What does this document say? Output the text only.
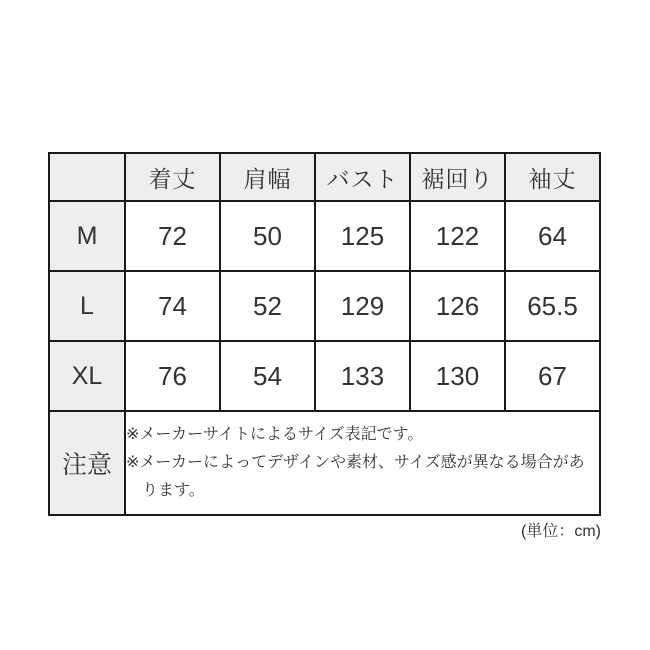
	着丈	肩幅	バスト	裾回り	袖丈
M	72	50	125	122	64
L	74	52	129	126	65.5
XL	76	54	133	130	67
注意	※メーカーサイトによるサイズ表記です。
※メーカーによってデザインや素材、サイズ感が異なる場合があります。				
(単位：cm)
